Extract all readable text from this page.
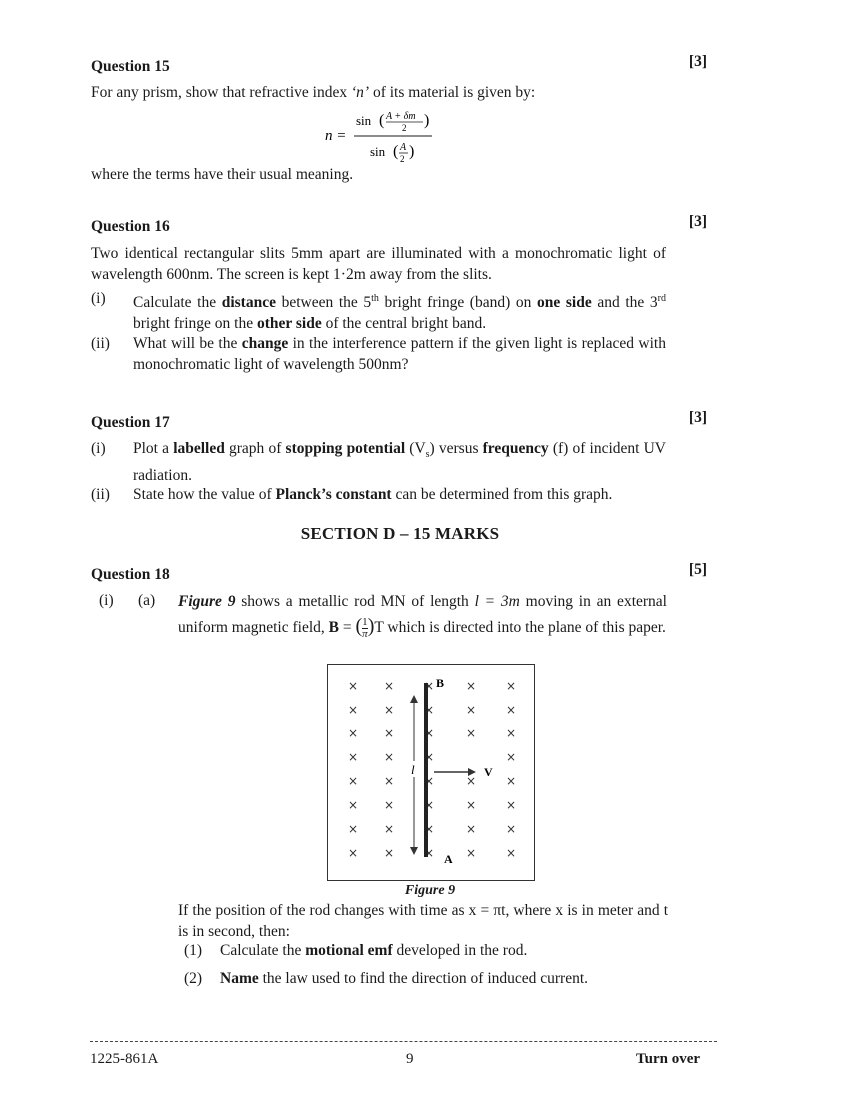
Question 15	[3]
For any prism, show that refractive index ‘n’ of its material is given by:
n =
sin ( A + δm
2 )
sin ( A
2 )
where the terms have their usual meaning.
Question 16	[3]
Two identical rectangular slits 5mm apart are illuminated with a monochromatic light of wavelength 600nm. The screen is kept 1·2m away from the slits.
(i)	Calculate the distance between the 5th bright fringe (band) on one side and the 3rd bright fringe on the other side of the central bright band.
(ii)	What will be the change in the interference pattern if the given light is replaced with monochromatic light of wavelength 500nm?
Question 17	[3]
(i)	Plot a labelled graph of stopping potential $(V_s)$ versus frequency (f) of incident UV radiation.
(ii)	State how the value of Planck’s constant can be determined from this graph.
SECTION D – 15 MARKS
Question 18	[5]
(i) (a) Figure 9 shows a metallic rod MN of length l = 3m moving in an external uniform magnetic field, B = ( $\frac{1}{\pi} )T$ which is directed into the plane of this paper.
× × ×	× ×
× × ×	× ×
× × ×	× ×
× × ×	×
× × ×	× ×
× × ×	× ×
× × ×	× ×
× × ×	× ×
l	V
B
A
Figure 9
If the position of the rod changes with time as x = πt, where x is in meter and t is in second, then:
(1) Calculate the motional emf developed in the rod.
(2) Name the law used to find the direction of induced current.
1225-861A	9	Turn over
